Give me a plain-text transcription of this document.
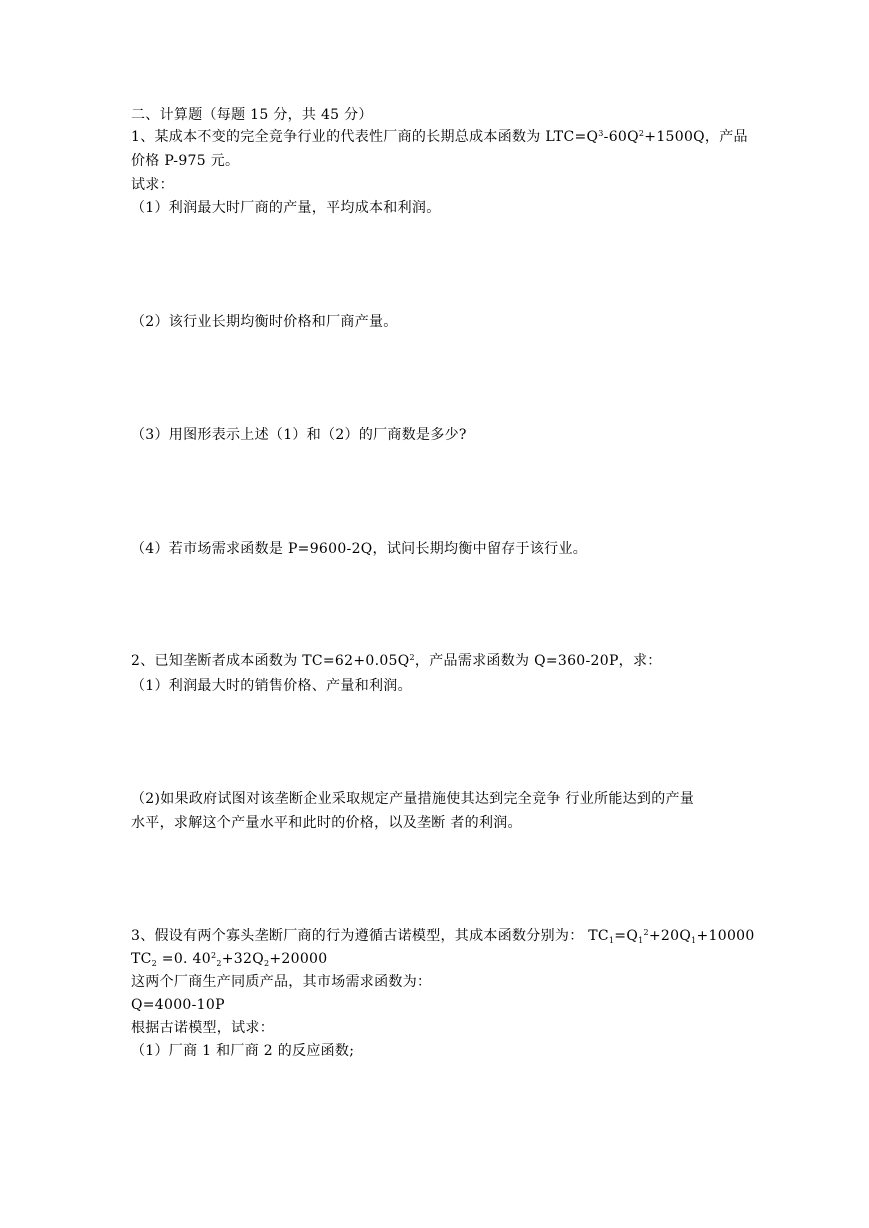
二、计算题（每题 15 分，共 45 分）
1、某成本不变的完全竞争行业的代表性厂商的长期总成本函数为 $LTC=Q^3-60Q^2+1500Q$，产品
价格 P-975 元。
试求：
（1）利润最大时厂商的产量，平均成本和利润。
（2）该行业长期均衡时价格和厂商产量。
（3）用图形表示上述（1）和（2）的厂商数是多少?
（4）若市场需求函数是 P=9600-2Q，试问长期均衡中留存于该行业。
2、已知垄断者成本函数为 $TC=62+0.05Q^2$，产品需求函数为 Q=360-20P，求：
（1）利润最大时的销售价格、产量和利润。
（2)如果政府试图对该垄断企业采取规定产量措施使其达到完全竞争 行业所能达到的产量
水平，求解这个产量水平和此时的价格，以及垄断 者的利润。
3、假设有两个寡头垄断厂商的行为遵循古诺模型，其成本函数分别为： $TC_1=Q_1^2+20Q_1+10000$
$TC_2 =0$. $40^2_2+32Q_2+20000$
这两个厂商生产同质产品，其市场需求函数为：
Q=4000-10P
根据古诺模型，试求：
（1）厂商 1 和厂商 2 的反应函数;
